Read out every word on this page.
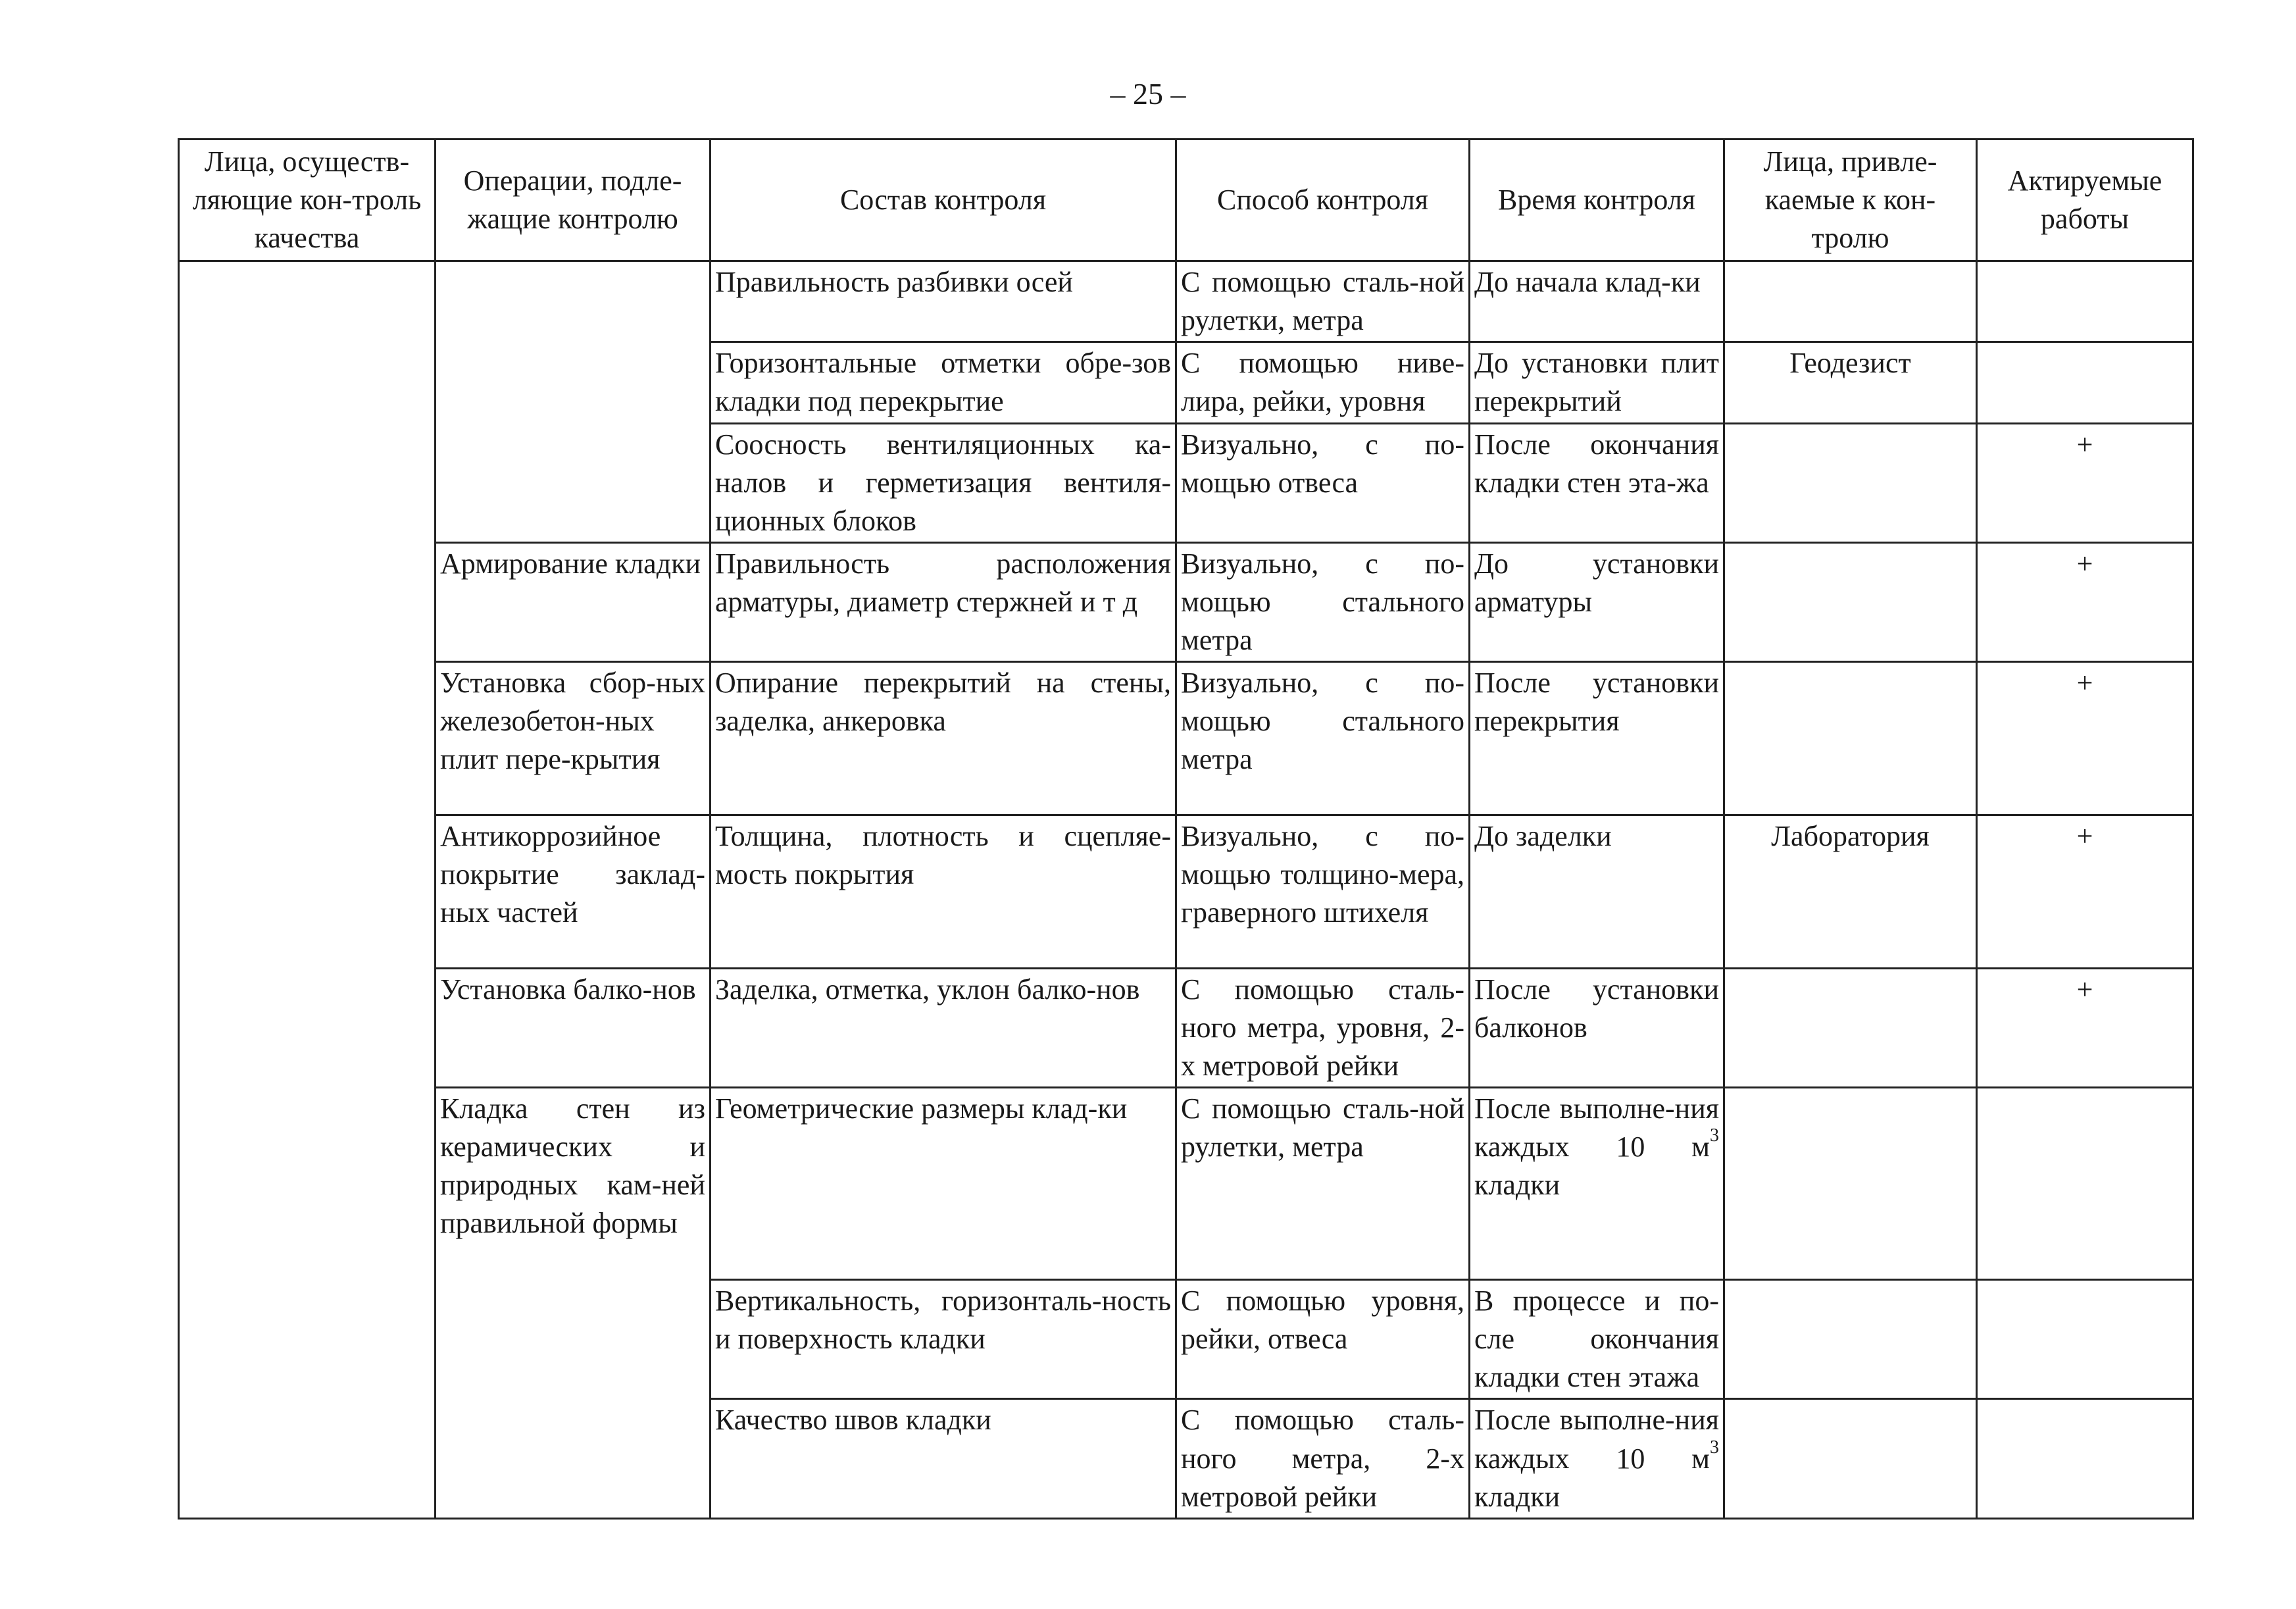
– 25 –
Лица, осуществ-ляющие кон-троль качества	Операции, подле-жащие контролю	Состав контроля	Способ контроля	Время контроля	Лица, привле-каемые к кон-тролю	Актируемые работы
		Правильность разбивки осей	С помощью сталь-ной рулетки, метра	До начала клад-ки		
		Горизонтальные отметки обре-зов кладки под перекрытие	С помощью нивe-лира, рейки, уровня	До установки плит перекрытий	Геодезист	
		Соосность вентиляционных ка-налов и герметизация вентиля-ционных блоков	Визуально, с по-мощью отвеса	После окончания кладки стен эта-жа		+
	Армирование кладки	Правильность расположения арматуры, диаметр стержней и т д	Визуально, с по-мощью стального метра	До установки арматуры		+
	Установка сбор-ных железобетон-ных плит пере-крытия	Опирание перекрытий на стены, заделка, анкеровка	Визуально, с по-мощью стального метра	После установки перекрытия		+
	Антикоррозийное покрытие заклад-ных частей	Толщина, плотность и сцепляе-мость покрытия	Визуально, с по-мощью толщино-мера, граверного штихеля	До заделки	Лаборатория	+
	Установка балко-нов	Заделка, отметка, уклон балко-нов	С помощью сталь-ного метра, уровня, 2-х метровой рейки	После установки балконов		+
	Кладка стен из керамических и природных кам-ней правильной формы	Геометрические размеры клад-ки	С помощью сталь-ной рулетки, метра	После выполне-ния каждых 10 $м^3$ кладки		
		Вертикальность, горизонталь-ность и поверхность кладки	С помощью уровня, рейки, отвеса	В процессе и по-сле окончания кладки стен этажа		
		Качество швов кладки	С помощью сталь-ного метра, 2-х метровой рейки	После выполне-ния каждых 10 $м^3$ кладки		
